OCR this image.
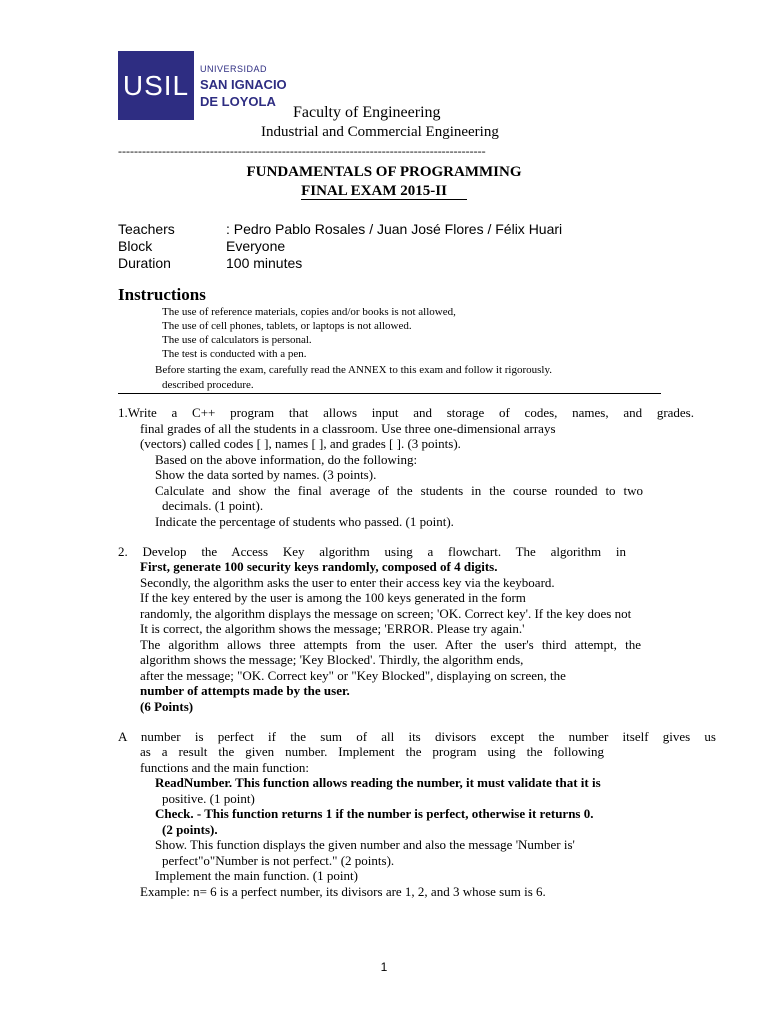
USIL
UNIVERSIDAD
SAN IGNACIO
DE LOYOLA
Faculty of Engineering
Industrial and Commercial Engineering
--------------------------------------------------------------------------------------------
FUNDAMENTALS OF PROGRAMMING
FINAL EXAM 2015-II
Teachers	: Pedro Pablo Rosales / Juan José Flores / Félix Huari
Block	Everyone
Duration	100 minutes
Instructions
The use of reference materials, copies and/or books is not allowed,
The use of cell phones, tablets, or laptops is not allowed.
The use of calculators is personal.
The test is conducted with a pen.
Before starting the exam, carefully read the ANNEX to this exam and follow it rigorously.
described procedure.
1.Write a C++ program that allows input and storage of codes, names, and grades.
final grades of all the students in a classroom. Use three one-dimensional arrays
(vectors) called codes [ ], names [ ], and grades [ ]. (3 points).
Based on the above information, do the following:
Show the data sorted by names. (3 points).
Calculate and show the final average of the students in the course rounded to two
decimals. (1 point).
Indicate the percentage of students who passed. (1 point).
2. Develop the Access Key algorithm using a flowchart. The algorithm in
First, generate 100 security keys randomly, composed of 4 digits.
Secondly, the algorithm asks the user to enter their access key via the keyboard.
If the key entered by the user is among the 100 keys generated in the form
randomly, the algorithm displays the message on screen; 'OK. Correct key'. If the key does not
It is correct, the algorithm shows the message; 'ERROR. Please try again.'
The algorithm allows three attempts from the user. After the user's third attempt, the
algorithm shows the message; 'Key Blocked'. Thirdly, the algorithm ends,
after the message; "OK. Correct key" or "Key Blocked", displaying on screen, the
number of attempts made by the user.
(6 Points)
A number is perfect if the sum of all its divisors except the number itself gives us
as a result the given number. Implement the program using the following
functions and the main function:
ReadNumber. This function allows reading the number, it must validate that it is
positive. (1 point)
Check. - This function returns 1 if the number is perfect, otherwise it returns 0.
(2 points).
Show. This function displays the given number and also the message 'Number is'
perfect"o"Number is not perfect." (2 points).
Implement the main function. (1 point)
Example: n= 6 is a perfect number, its divisors are 1, 2, and 3 whose sum is 6.
1
